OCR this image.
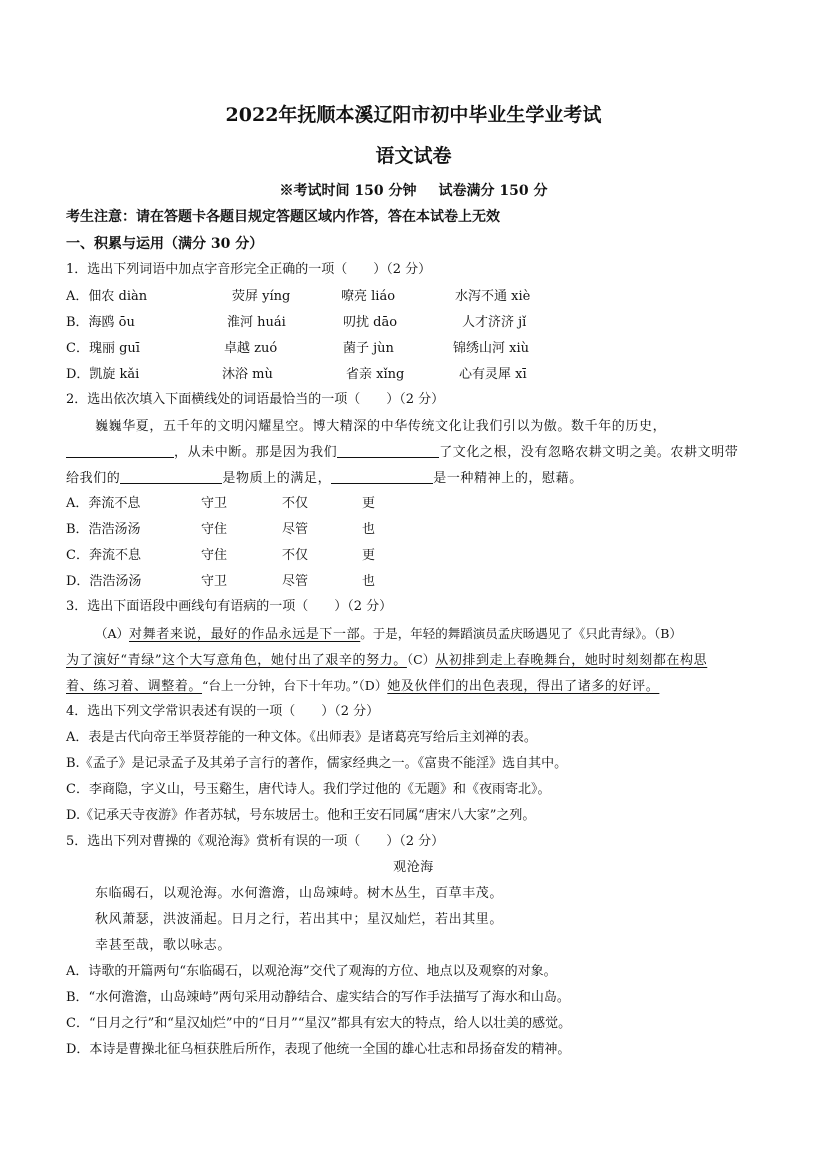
2022年抚顺本溪辽阳市初中毕业生学业考试
语文试卷
※考试时间 150 分钟 试卷满分 150 分
考生注意：请在答题卡各题目规定答题区域内作答，答在本试卷上无效
一、积累与运用（满分 30 分）
1．选出下列词语中加点字音形完全正确的一项（　　）（2 分）
A．佃农 diàn	荧屏 yíng	嘹亮 liáo	水泻不通 xiè
B．海鸥 ōu	淮河 huái	叨扰 dāo	人才济济 jǐ
C．瑰丽 guī	卓越 zuó	菌子 jùn	锦绣山河 xiù
D．凯旋 kǎi	沐浴 mù	省亲 xǐng	心有灵犀 xī
2．选出依次填入下面横线处的词语最恰当的一项（　　）（2 分）
巍巍华夏，五千年的文明闪耀星空。博大精深的中华传统文化让我们引以为傲。数千年的历史，
，从未中断。那是因为我们	了文化之根，没有忽略农耕文明之美。农耕文明带
给我们的	是物质上的满足，	是一种精神上的，慰藉。
A．奔流不息	守卫	不仅	更
B．浩浩汤汤	守住	尽管	也
C．奔流不息	守住	不仅	更
D．浩浩汤汤	守卫	尽管	也
3．选出下面语段中画线句有语病的一项（　　）（2 分）
（A）对舞者来说，最好的作品永远是下一部。于是，年轻的舞蹈演员孟庆旸遇见了《只此青绿》。（B）
为了演好“青绿”这个大写意角色，她付出了艰辛的努力。（C）从初排到走上春晚舞台，她时时刻刻都在构思
着、练习着、调整着。“台上一分钟，台下十年功。”（D）她及伙伴们的出色表现，得出了诸多的好评。
4．选出下列文学常识表述有误的一项（　　）（2 分）
A．表是古代向帝王举贤荐能的一种文体。《出师表》是诸葛亮写给后主刘禅的表。
B.《孟子》是记录孟子及其弟子言行的著作，儒家经典之一。《富贵不能淫》选自其中。
C．李商隐，字义山，号玉谿生，唐代诗人。我们学过他的《无题》和《夜雨寄北》。
D.《记承天寺夜游》作者苏轼，号东坡居士。他和王安石同属“唐宋八大家”之列。
5．选出下列对曹操的《观沧海》赏析有误的一项（　　）（2 分）
观沧海
东临碣石，以观沧海。水何澹澹，山岛竦峙。树木丛生，百草丰茂。
秋风萧瑟，洪波涌起。日月之行，若出其中；星汉灿烂，若出其里。
幸甚至哉，歌以咏志。
A．诗歌的开篇两句“东临碣石，以观沧海”交代了观海的方位、地点以及观察的对象。
B．“水何澹澹，山岛竦峙”两句采用动静结合、虚实结合的写作手法描写了海水和山岛。
C．“日月之行”和“星汉灿烂”中的“日月”“星汉”都具有宏大的特点，给人以壮美的感觉。
D．本诗是曹操北征乌桓获胜后所作，表现了他统一全国的雄心壮志和昂扬奋发的精神。
